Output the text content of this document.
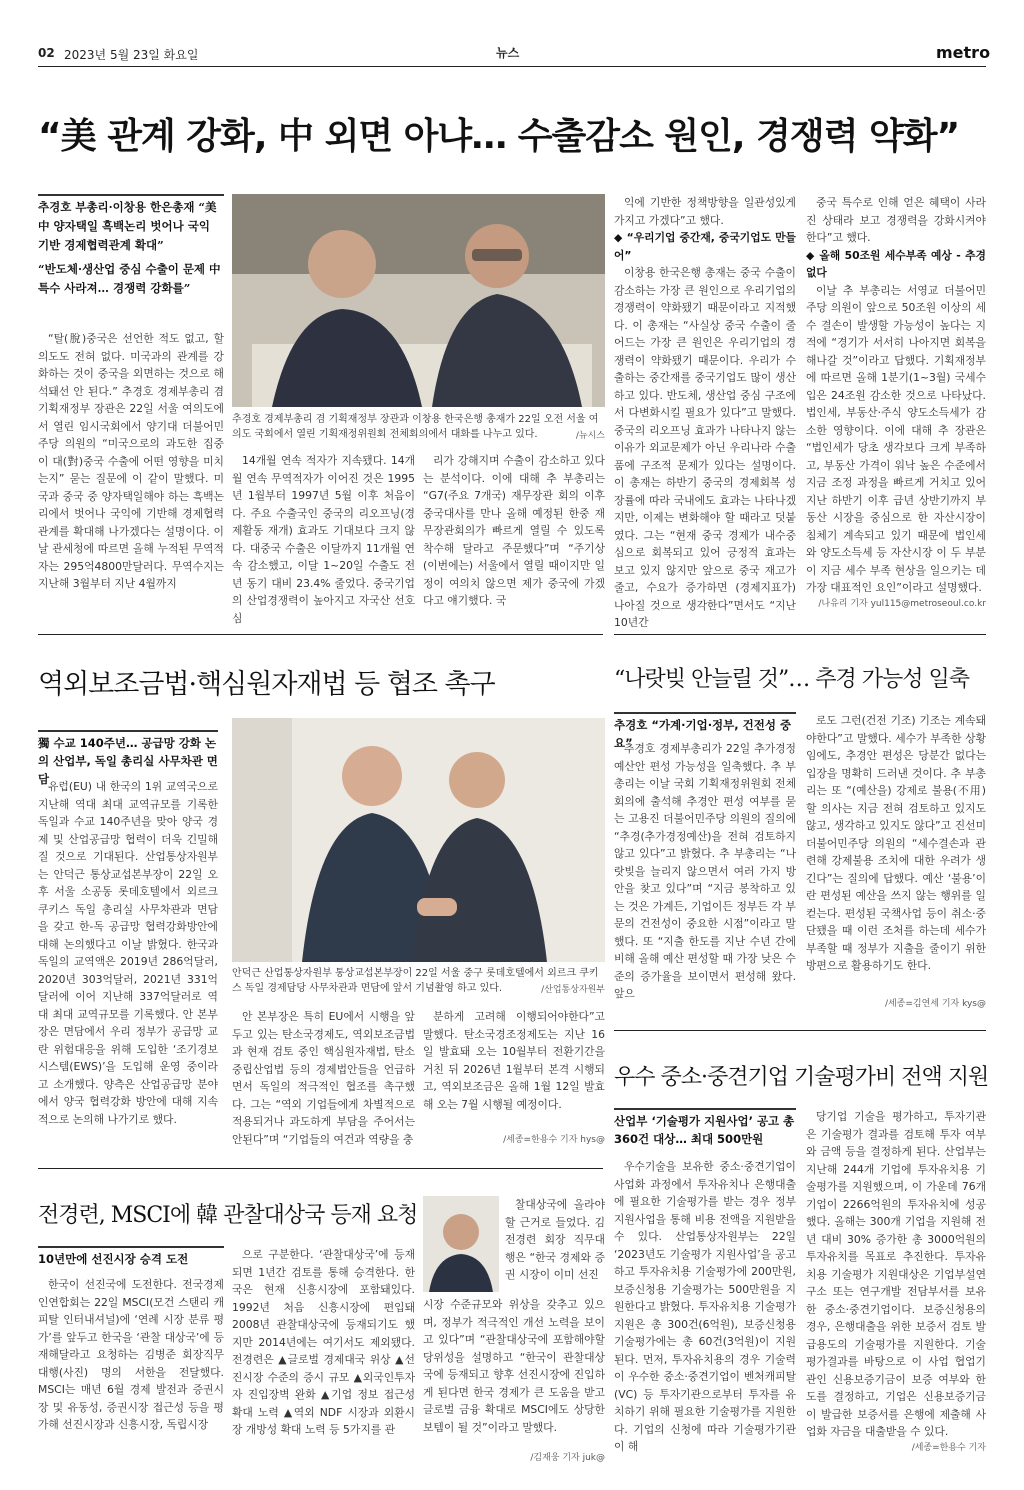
02 2023년 5월 23일 화요일	뉴스	metro
“美 관계 강화, 中 외면 아냐… 수출감소 원인, 경쟁력 약화”
추경호 부총리·이창용 한은총재 “美中 양자택일 흑백논리 벗어나 국익 기반 경제협력관계 확대”
“반도체·생산업 중심 수출이 문제 中특수 사라져… 경쟁력 강화를”
추경호 경제부총리 겸 기획재정부 장관과 이창용 한국은행 총재가 22일 오전 서울 여의도 국회에서 열린 기획재정위원회 전체회의에서 대화를 나누고 있다.	/뉴시스

“탈(脫)중국은 선언한 적도 없고, 할 의도도 전혀 없다. 미국과의 관계를 강화하는 것이 중국을 외면하는 것으로 해석돼선 안 된다.” 추경호 경제부총리 겸 기획재정부 장관은 22일 서울 여의도에서 열린 임시국회에서 양기대 더불어민주당 의원의 “미국으로의 과도한 집중이 대(對)중국 수출에 어떤 영향을 미치는지” 묻는 질문에 이 같이 말했다. 미국과 중국 중 양자택일해야 하는 흑백논리에서 벗어나 국익에 기반해 경제협력관계를 확대해 나가겠다는 설명이다. 이날 관세청에 따르면 올해 누적된 무역적자는 295억4800만달러다. 무역수지는 지난해 3월부터 지난 4월까지

14개월 연속 적자가 지속됐다. 14개월 연속 무역적자가 이어진 것은 1995년 1월부터 1997년 5월 이후 처음이다. 주요 수출국인 중국의 리오프닝(경제활동 재개) 효과도 기대보다 크지 않다. 대중국 수출은 이달까지 11개월 연속 감소했고, 이달 1~20일 수출도 전년 동기 대비 23.4% 줄었다. 중국기업의 산업경쟁력이 높아지고 자국산 선호심

리가 강해지며 수출이 감소하고 있다는 분석이다. 이에 대해 추 부총리는 “G7(주요 7개국) 재무장관 회의 이후 중국대사를 만나 올해 예정된 한중 재무장관회의가 빠르게 열릴 수 있도록 착수해 달라고 주문했다”며 “주기상 (이번에는) 서울에서 열릴 때이지만 일정이 여의치 않으면 제가 중국에 가겠다고 얘기했다. 국

익에 기반한 정책방향을 일관성있게 가지고 가겠다”고 했다.

◆ “우리기업 중간재, 중국기업도 만들어”

이창용 한국은행 총재는 중국 수출이 감소하는 가장 큰 원인으로 우리기업의 경쟁력이 약화됐기 때문이라고 지적했다. 이 총재는 “사실상 중국 수출이 줄어드는 가장 큰 원인은 우리기업의 경쟁력이 약화됐기 때문이다. 우리가 수출하는 중간재를 중국기업도 많이 생산하고 있다. 반도체, 생산업 중심 구조에서 다변화시킬 필요가 있다”고 말했다. 중국의 리오프닝 효과가 나타나지 않는 이유가 외교문제가 아닌 우리나라 수출품에 구조적 문제가 있다는 설명이다. 이 총재는 하반기 중국의 경제회복 성장률에 따라 국내에도 효과는 나타나겠지만, 이제는 변화해야 할 때라고 덧붙였다. 그는 “현재 중국 경제가 내수중심으로 회복되고 있어 긍정적 효과는 보고 있지 않지만 앞으로 중국 재고가 줄고, 수요가 증가하면 (경제지표가) 나아질 것으로 생각한다”면서도 “지난 10년간

중국 특수로 인해 얻은 혜택이 사라진 상태라 보고 경쟁력을 강화시켜야 한다”고 했다.

◆ 올해 50조원 세수부족 예상 - 추경없다

이날 추 부총리는 서영교 더불어민주당 의원이 앞으로 50조원 이상의 세수 결손이 발생할 가능성이 높다는 지적에 “경기가 서서히 나아지면 회복을 해나갈 것”이라고 답했다. 기획재정부에 따르면 올해 1분기(1~3월) 국세수입은 24조원 감소한 것으로 나타났다. 법인세, 부동산·주식 양도소득세가 감소한 영향이다. 이에 대해 추 장관은 “법인세가 당초 생각보다 크게 부족하고, 부동산 가격이 워낙 높은 수준에서 지금 조정 과정을 빠르게 거치고 있어 지난 하반기 이후 급년 상반기까지 부동산 시장을 중심으로 한 자산시장이 침체기 계속되고 있기 때문에 법인세와 양도소득세 등 자산시장 이 두 부분이 지금 세수 부족 현상을 일으키는 데 가장 대표적인 요인”이라고 설명했다.

/나유리 기자 yul115@metroseoul.co.kr
역외보조금법·핵심원자재법 등 협조 촉구
獨 수교 140주년… 공급망 강화 논의 산업부, 독일 총리실 사무차관 면담

유럽(EU) 내 한국의 1위 교역국으로 지난해 역대 최대 교역규모를 기록한 독일과 수교 140주년을 맞아 양국 경제 및 산업공급망 협력이 더욱 긴밀해질 것으로 기대된다. 산업통상자원부는 안덕근 통상교섭본부장이 22일 오후 서울 소공동 롯데호텔에서 외르크 쿠키스 독일 총리실 사무차관과 면담을 갖고 한-독 공급망 협력강화방안에 대해 논의했다고 이날 밝혔다. 한국과 독일의 교역액은 2019년 286억달러, 2020년 303억달러, 2021년 331억달러에 이어 지난해 337억달러로 역대 최대 교역규모를 기록했다. 안 본부장은 면담에서 우리 정부가 공급망 교란 위험대응을 위해 도입한 ‘조기경보시스템(EWS)’을 도입해 운영 중이라고 소개했다. 양측은 산업공급망 분야에서 양국 협력강화 방안에 대해 지속적으로 논의해 나가기로 했다.

안덕근 산업통상자원부 통상교섭본부장이 22일 서울 중구 롯데호텔에서 외르크 쿠키스 독일 경제담당 사무차관과 면담에 앞서 기념촬영 하고 있다.	/산업통상자원부

안 본부장은 특히 EU에서 시행을 앞두고 있는 탄소국경제도, 역외보조금법과 현재 검토 중인 핵심원자재법, 탄소중립산업법 등의 경제법안들을 언급하면서 독일의 적극적인 협조를 촉구했다. 그는 “역외 기업들에게 차별적으로 적용되거나 과도하게 부담을 주어서는 안된다”며 “기업들의 여건과 역량을 충

분하게 고려해 이행되어야한다”고 말했다. 탄소국경조정제도는 지난 16일 발효돼 오는 10월부터 전환기간을 거친 뒤 2026년 1월부터 본격 시행되고, 역외보조금은 올해 1월 12일 발효해 오는 7월 시행될 예정이다.

/세종=한용수 기자 hys@
“나랏빚 안늘릴 것”… 추경 가능성 일축
추경호 “가계·기업·정부, 건전성 중요”

추경호 경제부총리가 22일 추가경정예산안 편성 가능성을 일축했다. 추 부총리는 이날 국회 기획재정위원회 전체 회의에 출석해 추경안 편성 여부를 묻는 고용진 더불어민주당 의원의 질의에 “추경(추가경정예산)을 전혀 검토하지 않고 있다”고 밝혔다. 추 부총리는 “나랏빚을 늘리지 않으면서 여러 가지 방안을 찾고 있다”며 “지금 봉착하고 있는 것은 가계든, 기업이든 정부든 각 부문의 건전성이 중요한 시점”이라고 말했다. 또 “지출 한도를 지난 수년 간에 비해 올해 예산 편성할 때 가장 낮은 수준의 증가율을 보이면서 편성해 왔다. 앞으

로도 그런(건전 기조) 기조는 계속돼야한다”고 말했다. 세수가 부족한 상황임에도, 추경안 편성은 당분간 없다는 입장을 명확히 드러낸 것이다. 추 부총리는 또 “(예산을) 강제로 불용(不用)할 의사는 지금 전혀 검토하고 있지도 않고, 생각하고 있지도 않다”고 진선미 더불어민주당 의원의 “세수결손과 관련해 강제불용 조치에 대한 우려가 생긴다”는 질의에 답했다. 예산 ‘불용’이란 편성된 예산을 쓰지 않는 행위를 일컫는다. 편성된 국책사업 등이 취소·중단됐을 때 이런 조처를 하는데 세수가 부족할 때 정부가 지출을 줄이기 위한 방편으로 활용하기도 한다.

/세종=김연세 기자 kys@
우수 중소·중견기업 기술평가비 전액 지원
산업부 ‘기술평가 지원사업’ 공고 총 360건 대상… 최대 500만원

우수기술을 보유한 중소·중견기업이 사업화 과정에서 투자유치나 은행대출에 필요한 기술평가를 받는 경우 정부지원사업을 통해 비용 전액을 지원받을 수 있다. 산업통상자원부는 22일 ‘2023년도 기술평가 지원사업’을 공고하고 투자유치용 기술평가에 200만원, 보증신청용 기술평가는 500만원을 지원한다고 밝혔다. 투자유치용 기술평가 지원은 총 300건(6억원), 보증신청용 기술평가에는 총 60건(3억원)이 지원된다. 먼저, 투자유치용의 경우 기술력이 우수한 중소·중견기업이 벤처캐피탈(VC) 등 투자기관으로부터 투자를 유치하기 위해 필요한 기술평가를 지원한다. 기업의 신청에 따라 기술평가기관이 해

당기업 기술을 평가하고, 투자기관은 기술평가 결과를 검토해 투자 여부와 금액 등을 결정하게 된다. 산업부는 지난해 244개 기업에 투자유치용 기술평가를 지원했으며, 이 가운데 76개 기업이 2266억원의 투자유치에 성공했다. 올해는 300개 기업을 지원해 전년 대비 30% 증가한 총 3000억원의 투자유치를 목표로 추진한다. 투자유치용 기술평가 지원대상은 기업부설연구소 또는 연구개발 전담부서를 보유한 중소·중견기업이다. 보증신청용의 경우, 은행대출을 위한 보증서 검토 발급용도의 기술평가를 지원한다. 기술평가결과를 바탕으로 이 사업 협업기관인 신용보증기금이 보증 여부와 한도를 결정하고, 기업은 신용보증기금이 발급한 보증서를 은행에 제출해 사업화 자금을 대출받을 수 있다.

/세종=한용수 기자
전경련, MSCI에 韓 관찰대상국 등재 요청
10년만에 선진시장 승격 도전

한국이 선진국에 도전한다. 전국경제인연합회는 22일 MSCI(모건 스탠리 캐피탈 인터내셔널)에 ‘연례 시장 분류 평가’를 앞두고 한국을 ‘관찰 대상국’에 등재해달라고 요청하는 김병준 회장직무대행(사진) 명의 서한을 전달했다. MSCI는 매년 6월 경제 발전과 증권시장 및 유동성, 증권시장 접근성 등을 평가해 선진시장과 신흥시장, 독립시장

으로 구분한다. ‘관찰대상국’에 등재되면 1년간 검토를 통해 승격한다. 한국은 현재 신흥시장에 포함돼있다. 1992년 처음 신흥시장에 편입돼 2008년 관찰대상국에 등재되기도 했지만 2014년에는 여기서도 제외됐다. 전경련은 ▲글로벌 경제대국 위상 ▲선진시장 수준의 증시 규모 ▲외국인투자자 진입장벽 완화 ▲기업 정보 접근성 확대 노력 ▲역외 NDF 시장과 외환시장 개방성 확대 노력 등 5가지를 관

찰대상국에 올라야할 근거로 들었다. 김 전경련 회장 직무대행은 “한국 경제와 증권 시장이 이미 선진

시장 수준규모와 위상을 갖추고 있으며, 정부가 적극적인 개선 노력을 보이고 있다”며 “관찰대상국에 포함해야할 당위성을 설명하고 “한국이 관찰대상국에 등재되고 향후 선진시장에 진입하게 된다면 한국 경제가 큰 도움을 받고 글로벌 금융 확대로 MSCI에도 상당한 보템이 될 것”이라고 말했다.

/김재웅 기자 juk@
